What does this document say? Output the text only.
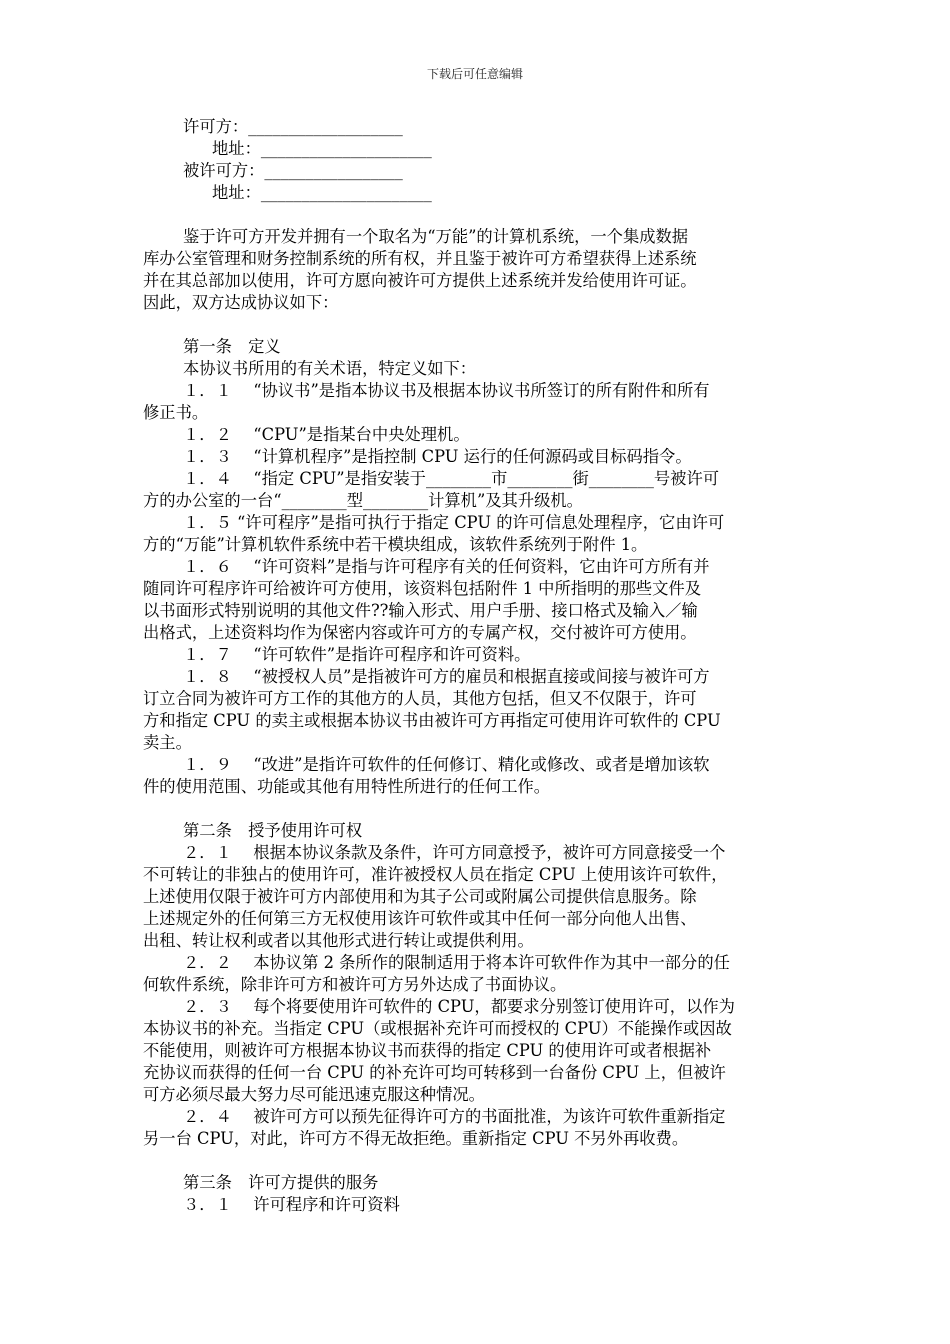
下载后可任意编辑
许可方：___________________
地址：_____________________
被许可方：_________________
地址：_____________________
鉴于许可方开发并拥有一个取名为“万能”的计算机系统，一个集成数据
库办公室管理和财务控制系统的所有权，并且鉴于被许可方希望获得上述系统
并在其总部加以使用，许可方愿向被许可方提供上述系统并发给使用许可证。
因此，双方达成协议如下：
第一条　定义
本协议书所用的有关术语，特定义如下：
１．１　 “协议书”是指本协议书及根据本协议书所签订的所有附件和所有
修正书。
１．２　 “CPU”是指某台中央处理机。
１．３　 “计算机程序”是指控制 CPU 运行的任何源码或目标码指令。
１．４　 “指定 CPU”是指安装于________市________街________号被许可
方的办公室的一台“________型________计算机”及其升级机。
１．５ “许可程序”是指可执行于指定 CPU 的许可信息处理程序，它由许可
方的“万能”计算机软件系统中若干模块组成，该软件系统列于附件 1。
１．６　 “许可资料”是指与许可程序有关的任何资料，它由许可方所有并
随同许可程序许可给被许可方使用，该资料包括附件 1 中所指明的那些文件及
以书面形式特别说明的其他文件??输入形式、用户手册、接口格式及输入／输
出格式，上述资料均作为保密内容或许可方的专属产权，交付被许可方使用。
１．７　 “许可软件”是指许可程序和许可资料。
１．８　 “被授权人员”是指被许可方的雇员和根据直接或间接与被许可方
订立合同为被许可方工作的其他方的人员，其他方包括，但又不仅限于，许可
方和指定 CPU 的卖主或根据本协议书由被许可方再指定可使用许可软件的 CPU
卖主。
１．９　 “改进”是指许可软件的任何修订、精化或修改、或者是增加该软
件的使用范围、功能或其他有用特性所进行的任何工作。
第二条　授予使用许可权
２．１　 根据本协议条款及条件，许可方同意授予，被许可方同意接受一个
不可转让的非独占的使用许可，准许被授权人员在指定 CPU 上使用该许可软件，
上述使用仅限于被许可方内部使用和为其子公司或附属公司提供信息服务。除
上述规定外的任何第三方无权使用该许可软件或其中任何一部分向他人出售、
出租、转让权利或者以其他形式进行转让或提供利用。
２．２　 本协议第 2 条所作的限制适用于将本许可软件作为其中一部分的任
何软件系统，除非许可方和被许可方另外达成了书面协议。
２．３　 每个将要使用许可软件的 CPU，都要求分别签订使用许可，以作为
本协议书的补充。当指定 CPU（或根据补充许可而授权的 CPU）不能操作或因故
不能使用，则被许可方根据本协议书而获得的指定 CPU 的使用许可或者根据补
充协议而获得的任何一台 CPU 的补充许可均可转移到一台备份 CPU 上，但被许
可方必须尽最大努力尽可能迅速克服这种情况。
２．４　 被许可方可以预先征得许可方的书面批准，为该许可软件重新指定
另一台 CPU，对此，许可方不得无故拒绝。重新指定 CPU 不另外再收费。
第三条　许可方提供的服务
３．１　 许可程序和许可资料
